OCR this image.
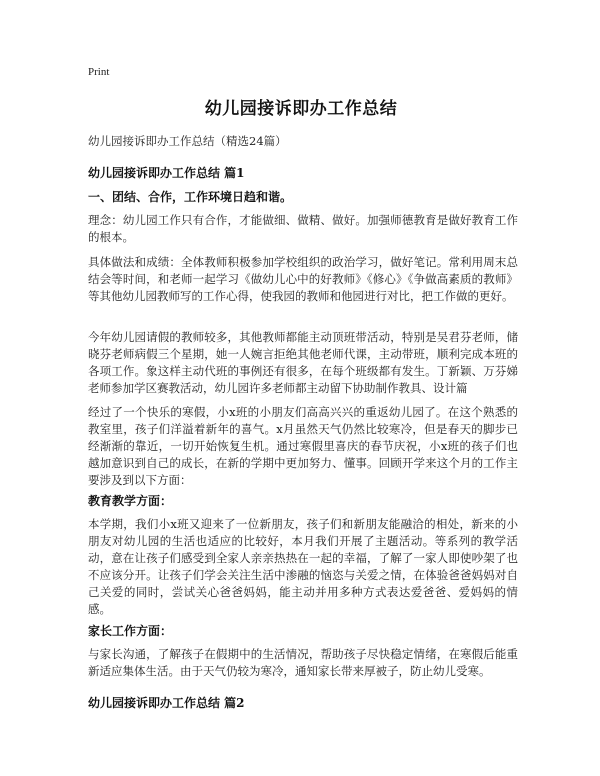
Print
幼儿园接诉即办工作总结
幼儿园接诉即办工作总结（精选24篇）
幼儿园接诉即办工作总结 篇1
一、团结、合作，工作环境日趋和谐。

理念：幼儿园工作只有合作，才能做细、做精、做好。加强师德教育是做好教育工作的根本。

具体做法和成绩：全体教师积极参加学校组织的政治学习，做好笔记。常利用周末总结会等时间，和老师一起学习《做幼儿心中的好教师》《修心》《争做高素质的教师》等其他幼儿园教师写的工作心得，使我园的教师和他园进行对比，把工作做的更好。

今年幼儿园请假的教师较多，其他教师都能主动顶班带活动，特别是吴君芬老师，储晓芬老师病假三个星期，她一人婉言拒绝其他老师代课，主动带班，顺利完成本班的各项工作。象这样主动代班的事例还有很多，在每个班级都有发生。丁新颖、万芬娣老师参加学区赛教活动，幼儿园许多老师都主动留下协助制作教具、设计篇

经过了一个快乐的寒假，小x班的小朋友们高高兴兴的重返幼儿园了。在这个熟悉的教室里，孩子们洋溢着新年的喜气。x月虽然天气仍然比较寒冷，但是春天的脚步已经渐渐的靠近，一切开始恢复生机。通过寒假里喜庆的春节庆祝，小x班的孩子们也越加意识到自己的成长，在新的学期中更加努力、懂事。回顾开学来这个月的工作主要涉及到以下方面：

教育教学方面：

本学期，我们小x班又迎来了一位新朋友，孩子们和新朋友能融洽的相处，新来的小朋友对幼儿园的生活也适应的比较好，本月我们开展了主题活动。等系列的教学活动，意在让孩子们感受到全家人亲亲热热在一起的幸福，了解了一家人即使吵架了也不应该分开。让孩子们学会关注生活中渗融的恼恣与关爱之情，在体验爸爸妈妈对自己关爱的同时，尝试关心爸爸妈妈，能主动并用多种方式表达爱爸爸、爱妈妈的情感。

家长工作方面：

与家长沟通，了解孩子在假期中的生活情况，帮助孩子尽快稳定情绪，在寒假后能重新适应集体生活。由于天气仍较为寒冷，通知家长带来厚被子，防止幼儿受寒。

幼儿园接诉即办工作总结 篇2
